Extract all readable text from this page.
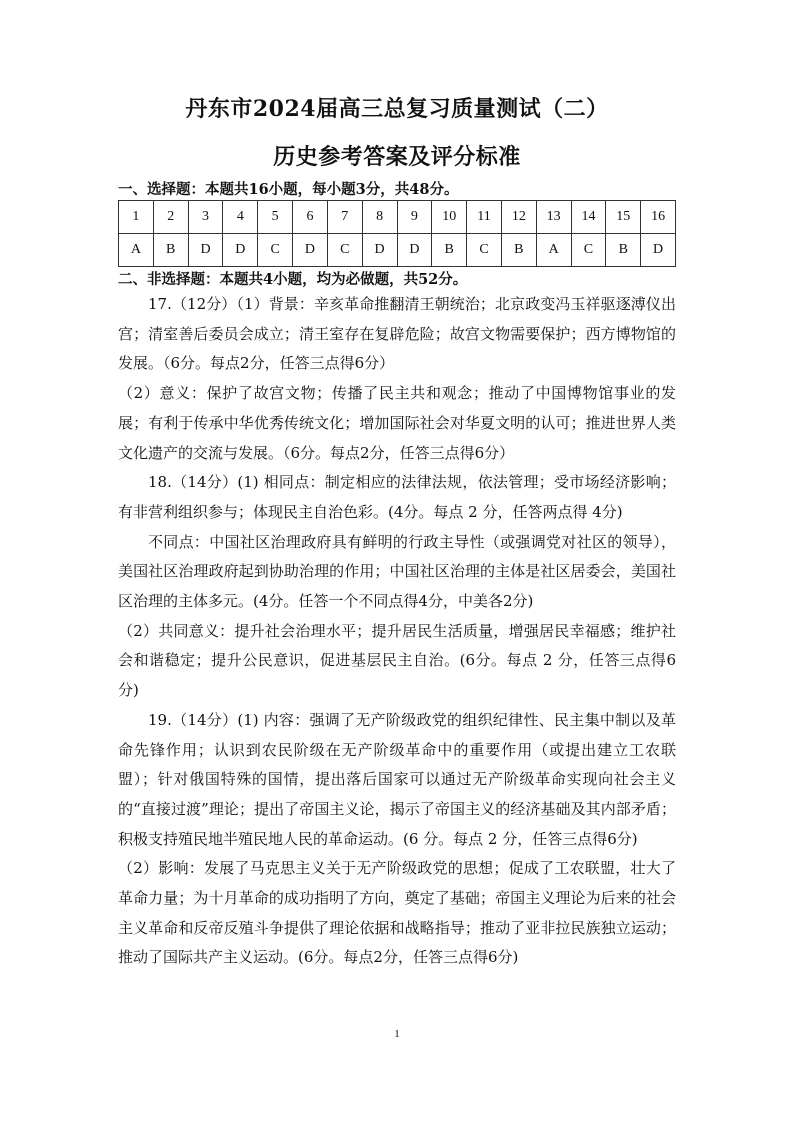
丹东市2024届高三总复习质量测试（二）
历史参考答案及评分标准
一、选择题：本题共16小题，每小题3分，共48分。
1	2	3	4	5	6	7	8	9	10	11	12	13	14	15	16
A	B	D	D	C	D	C	D	D	B	C	B	A	C	B	D
二、非选择题：本题共4小题，均为必做题，共52分。

17.（12分）（1）背景：辛亥革命推翻清王朝统治；北京政变冯玉祥驱逐溥仪出宫；清室善后委员会成立；清王室存在复辟危险；故宫文物需要保护；西方博物馆的发展。（6分。每点2分，任答三点得6分）

（2）意义：保护了故宫文物；传播了民主共和观念；推动了中国博物馆事业的发展；有利于传承中华优秀传统文化；增加国际社会对华夏文明的认可；推进世界人类文化遗产的交流与发展。（6分。每点2分，任答三点得6分）

18.（14分）(1) 相同点：制定相应的法律法规，依法管理；受市场经济影响；有非营利组织参与；体现民主自治色彩。(4分。每点 2 分，任答两点得 4分)

不同点：中国社区治理政府具有鲜明的行政主导性（或强调党对社区的领导），美国社区治理政府起到协助治理的作用；中国社区治理的主体是社区居委会，美国社区治理的主体多元。(4分。任答一个不同点得4分，中美各2分)

（2）共同意义：提升社会治理水平；提升居民生活质量，增强居民幸福感；维护社会和谐稳定；提升公民意识，促进基层民主自治。(6分。每点 2 分，任答三点得6分)

19.（14分）(1) 内容：强调了无产阶级政党的组织纪律性、民主集中制以及革命先锋作用；认识到农民阶级在无产阶级革命中的重要作用（或提出建立工农联盟）；针对俄国特殊的国情，提出落后国家可以通过无产阶级革命实现向社会主义的“直接过渡”理论；提出了帝国主义论，揭示了帝国主义的经济基础及其内部矛盾；积极支持殖民地半殖民地人民的革命运动。(6 分。每点 2 分，任答三点得6分)

（2）影响：发展了马克思主义关于无产阶级政党的思想；促成了工农联盟，壮大了革命力量；为十月革命的成功指明了方向，奠定了基础；帝国主义理论为后来的社会主义革命和反帝反殖斗争提供了理论依据和战略指导；推动了亚非拉民族独立运动；推动了国际共产主义运动。(6分。每点2分，任答三点得6分)

1
